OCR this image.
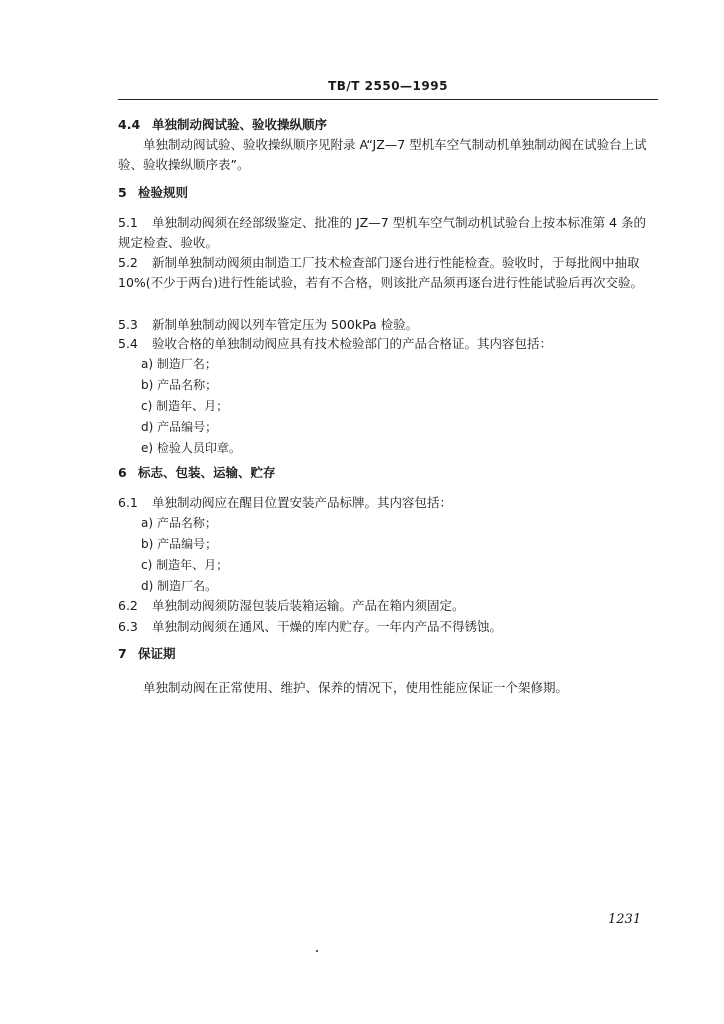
TB/T 2550—1995
4.4 单独制动阀试验、验收操纵顺序
单独制动阀试验、验收操纵顺序见附录 A“JZ—7 型机车空气制动机单独制动阀在试验台上试验、验收操纵顺序表”。
5 检验规则
5.1 单独制动阀须在经部级鉴定、批准的 JZ—7 型机车空气制动机试验台上按本标准第 4 条的规定检查、验收。
5.2 新制单独制动阀须由制造工厂技术检查部门逐台进行性能检查。验收时，于每批阀中抽取 10%(不少于两台)进行性能试验，若有不合格，则该批产品须再逐台进行性能试验后再次交验。
5.3 新制单独制动阀以列车管定压为 500kPa 检验。
5.4 验收合格的单独制动阀应具有技术检验部门的产品合格证。其内容包括：
a) 制造厂名；
b) 产品名称；
c) 制造年、月；
d) 产品编号；
e) 检验人员印章。
6 标志、包装、运输、贮存
6.1 单独制动阀应在醒目位置安装产品标牌。其内容包括：
a) 产品名称；
b) 产品编号；
c) 制造年、月；
d) 制造厂名。
6.2 单独制动阀须防湿包装后装箱运输。产品在箱内须固定。
6.3 单独制动阀须在通风、干燥的库内贮存。一年内产品不得锈蚀。
7 保证期
单独制动阀在正常使用、维护、保养的情况下，使用性能应保证一个架修期。
1231
